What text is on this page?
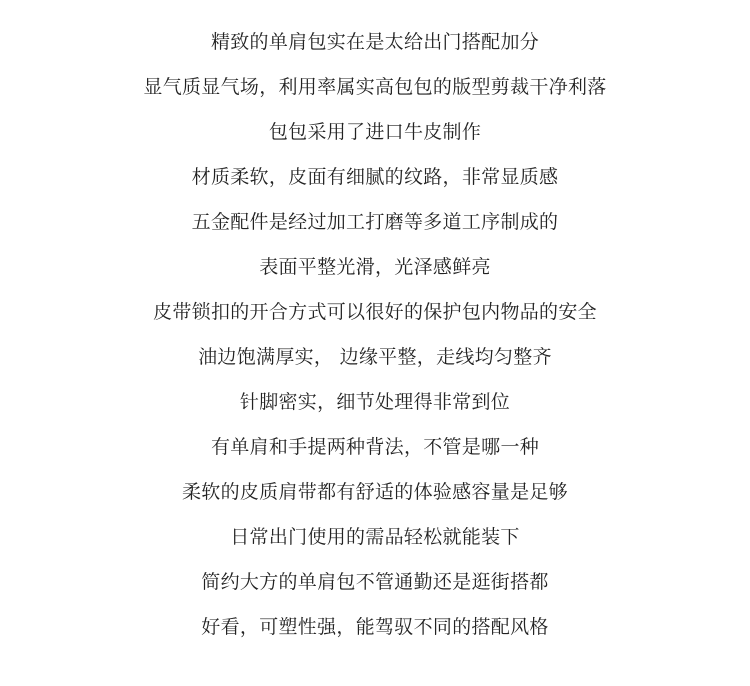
精致的单肩包实在是太给出门搭配加分
显气质显气场，利用率属实高包包的版型剪裁干净利落
包包采用了进口牛皮制作
材质柔软，皮面有细腻的纹路，非常显质感
五金配件是经过加工打磨等多道工序制成的
表面平整光滑，光泽感鲜亮
皮带锁扣的开合方式可以很好的保护包内物品的安全
油边饱满厚实， 边缘平整，走线均匀整齐
针脚密实，细节处理得非常到位
有单肩和手提两种背法，不管是哪一种
柔软的皮质肩带都有舒适的体验感容量是足够
日常出门使用的需品轻松就能装下
简约大方的单肩包不管通勤还是逛街搭都
好看，可塑性强，能驾驭不同的搭配风格
